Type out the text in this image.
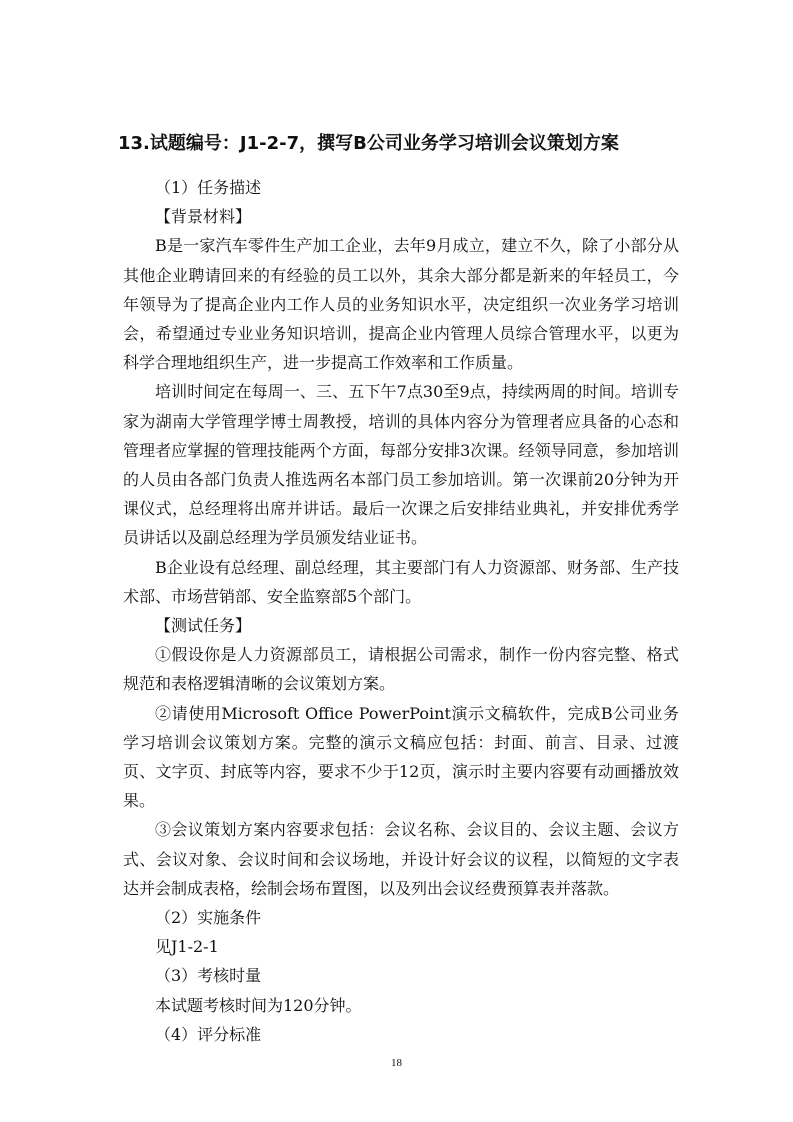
13.试题编号：J1-2-7，撰写B公司业务学习培训会议策划方案

（1）任务描述

【背景材料】

B是一家汽车零件生产加工企业，去年9月成立，建立不久，除了小部分从其他企业聘请回来的有经验的员工以外，其余大部分都是新来的年轻员工，今年领导为了提高企业内工作人员的业务知识水平，决定组织一次业务学习培训会，希望通过专业业务知识培训，提高企业内管理人员综合管理水平，以更为科学合理地组织生产，进一步提高工作效率和工作质量。

培训时间定在每周一、三、五下午7点30至9点，持续两周的时间。培训专家为湖南大学管理学博士周教授，培训的具体内容分为管理者应具备的心态和管理者应掌握的管理技能两个方面，每部分安排3次课。经领导同意，参加培训的人员由各部门负责人推选两名本部门员工参加培训。第一次课前20分钟为开课仪式，总经理将出席并讲话。最后一次课之后安排结业典礼，并安排优秀学员讲话以及副总经理为学员颁发结业证书。

B企业设有总经理、副总经理，其主要部门有人力资源部、财务部、生产技术部、市场营销部、安全监察部5个部门。

【测试任务】

①假设你是人力资源部员工，请根据公司需求，制作一份内容完整、格式规范和表格逻辑清晰的会议策划方案。

②请使用Microsoft Office PowerPoint演示文稿软件，完成B公司业务学习培训会议策划方案。完整的演示文稿应包括：封面、前言、目录、过渡页、文字页、封底等内容，要求不少于12页，演示时主要内容要有动画播放效果。

③会议策划方案内容要求包括：会议名称、会议目的、会议主题、会议方式、会议对象、会议时间和会议场地，并设计好会议的议程，以简短的文字表达并会制成表格，绘制会场布置图，以及列出会议经费预算表并落款。

（2）实施条件

见J1-2-1

（3）考核时量

本试题考核时间为120分钟。

（4）评分标准

18
